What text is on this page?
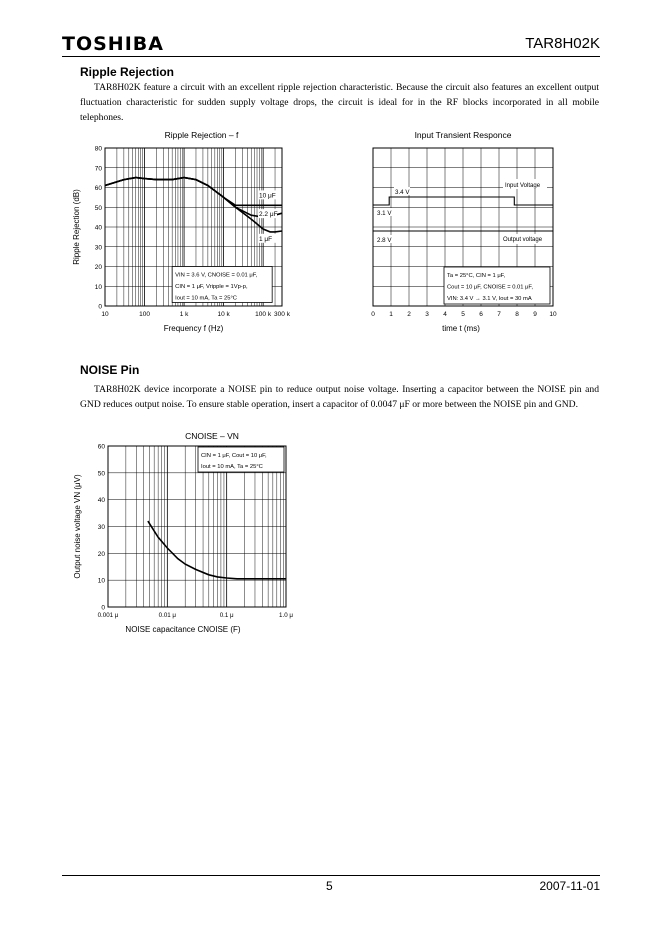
TOSHIBA	TAR8H02K
Ripple Rejection

TAR8H02K feature a circuit with an excellent ripple rejection characteristic. Because the circuit also features an excellent output fluctuation characteristic for sudden supply voltage drops, the circuit is ideal for in the RF blocks incorporated in all mobile telephones.

Ripple Rejection – f
0
10
20
30
40
50
60
70
80
10	100	1 k	10 k	100 k 300 k
VIN = 3.6 V, CNOISE = 0.01 μF,
CIN = 1 μF, Vripple = 1Vp‑p,
Iout = 10 mA, Ta = 25°C
10 μF
2.2 μF
1 μF
Frequency f (Hz)
Ripple Rejection (dB)
Input Transient Responce
0 1 2 3 4 5 6 7 8 9 10
3.4 V
3.1 V
2.8 V
Input Voltage
Output voltage
Ta = 25°C, CIN = 1 μF,
Cout = 10 μF, CNOISE = 0.01 μF,
VIN: 3.4 V → 3.1 V, Iout = 30 mA
time t (ms)
NOISE Pin

TAR8H02K device incorporate a NOISE pin to reduce output noise voltage. Inserting a capacitor between the NOISE pin and GND reduces output noise. To ensure stable operation, insert a capacitor of 0.0047 μF or more between the NOISE pin and GND.

CNOISE – VN
0
10
20
30
40
50
60
0.001 μ	0.01 μ	0.1 μ	1.0 μ
CIN = 1 μF, Cout = 10 μF,
Iout = 10 mA, Ta = 25°C
NOISE capacitance CNOISE (F)
Output noise voltage VN (μV)
5	2007-11-01
